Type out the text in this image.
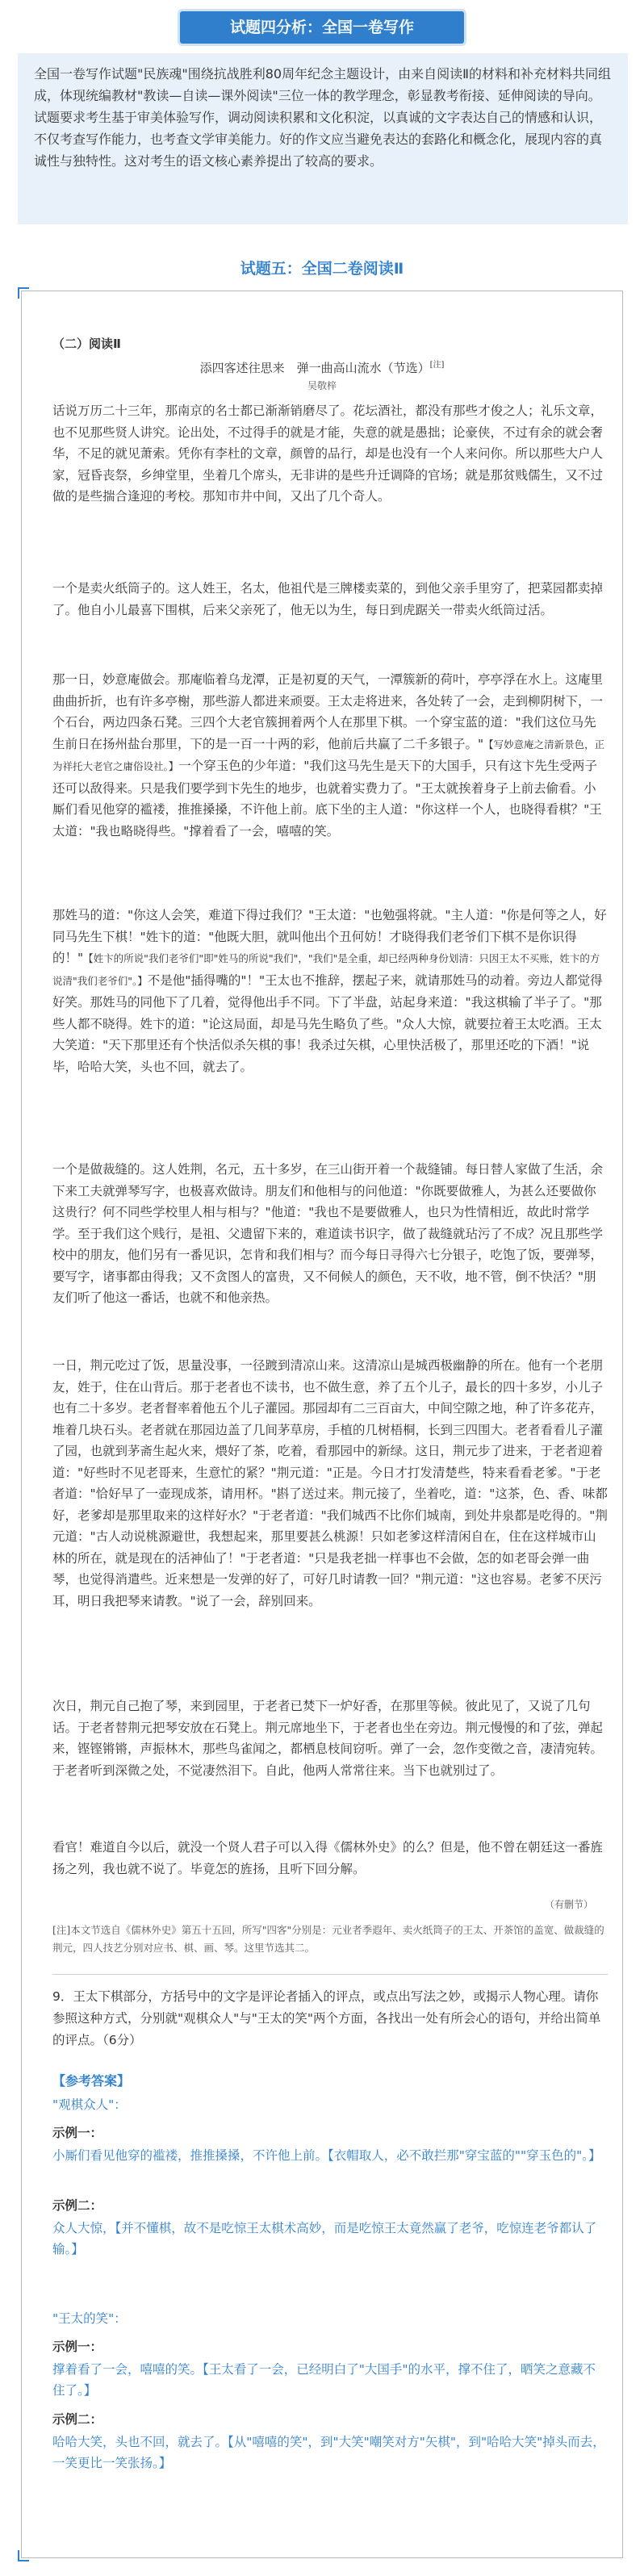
试题四分析：全国一卷写作

全国一卷写作试题"民族魂"围绕抗战胜利80周年纪念主题设计，由来自阅读Ⅱ的材料和补充材料共同组成，体现统编教材"教读—自读—课外阅读"三位一体的教学理念，彰显教考衔接、延伸阅读的导向。试题要求考生基于审美体验写作，调动阅读积累和文化积淀，以真诚的文字表达自己的情感和认识，不仅考查写作能力，也考查文学审美能力。好的作文应当避免表达的套路化和概念化，展现内容的真诚性与独特性。这对考生的语文核心素养提出了较高的要求。

试题五：全国二卷阅读Ⅱ
（二）阅读Ⅱ
添四客述往思来　弹一曲高山流水（节选）[注]
吴敬梓
话说万历二十三年，那南京的名士都已渐渐销磨尽了。花坛酒社，都没有那些才俊之人；礼乐文章，也不见那些贤人讲究。论出处，不过得手的就是才能，失意的就是愚拙；论豪侠，不过有余的就会奢华，不足的就见萧索。凭你有李杜的文章，颜曾的品行，却是也没有一个人来问你。所以那些大户人家，冠昏丧祭，乡绅堂里，坐着几个席头，无非讲的是些升迁调降的官场；就是那贫贱儒生，又不过做的是些揣合逢迎的考校。那知市井中间，又出了几个奇人。
一个是卖火纸筒子的。这人姓王，名太，他祖代是三牌楼卖菜的，到他父亲手里穷了，把菜园都卖掉了。他自小儿最喜下围棋，后来父亲死了，他无以为生，每日到虎踞关一带卖火纸筒过活。
那一日，妙意庵做会。那庵临着乌龙潭，正是初夏的天气，一潭簇新的荷叶，亭亭浮在水上。这庵里曲曲折折，也有许多亭榭，那些游人都进来顽耍。王太走将进来，各处转了一会，走到柳阴树下，一个石台，两边四条石凳。三四个大老官簇拥着两个人在那里下棋。一个穿宝蓝的道："我们这位马先生前日在扬州盐台那里，下的是一百一十两的彩，他前后共赢了二千多银子。"【写妙意庵之清新景色，正为祥托大老官之庸俗设社。】一个穿玉色的少年道："我们这马先生是天下的大国手，只有这卞先生受两子还可以敌得来。只是我们要学到卞先生的地步，也就着实费力了。"王太就挨着身子上前去偷看。小厮们看见他穿的褴褛，推推搡搡，不许他上前。底下坐的主人道："你这样一个人，也晓得看棋？"王太道："我也略晓得些。"撑着看了一会，嘻嘻的笑。
那姓马的道："你这人会笑，难道下得过我们？"王太道："也勉强将就。"主人道："你是何等之人，好同马先生下棋！"姓卞的道："他既大胆，就叫他出个丑何妨！才晓得我们老爷们下棋不是你识得的！"【姓卞的所说"我们老爷们"即"姓马的所说"我们"，"我们"是全重，却已经两种身份划清：只因王太不买账，姓卞的方说清"我们老爷们"。】不是他"插得嘴的"！"王太也不推辞，摆起子来，就请那姓马的动着。旁边人都觉得好笑。那姓马的同他下了几着，觉得他出手不同。下了半盘，站起身来道："我这棋输了半子了。"那些人都不晓得。姓卞的道："论这局面，却是马先生略负了些。"众人大惊，就要拉着王太吃酒。王太大笑道："天下那里还有个快活似杀矢棋的事！我杀过矢棋，心里快活极了，那里还吃的下酒！"说毕，哈哈大笑，头也不回，就去了。
一个是做裁缝的。这人姓荆，名元，五十多岁，在三山街开着一个裁缝铺。每日替人家做了生活，余下来工夫就弹琴写字，也极喜欢做诗。朋友们和他相与的问他道："你既要做雅人，为甚么还要做你这贵行？何不同些学校里人相与相与？"他道："我也不是要做雅人，也只为性情相近，故此时常学学。至于我们这个贱行，是祖、父遗留下来的，难道读书识字，做了裁缝就玷污了不成？况且那些学校中的朋友，他们另有一番见识，怎肯和我们相与？而今每日寻得六七分银子，吃饱了饭，要弹琴，要写字，诸事都由得我；又不贪图人的富贵，又不伺候人的颜色，天不收，地不管，倒不快活？"朋友们听了他这一番话，也就不和他亲热。
一日，荆元吃过了饭，思量没事，一径踱到清凉山来。这清凉山是城西极幽静的所在。他有一个老朋友，姓于，住在山背后。那于老者也不读书，也不做生意，养了五个儿子，最长的四十多岁，小儿子也有二十多岁。老者督率着他五个儿子灌园。那园却有二三百亩大，中间空隙之地，种了许多花卉，堆着几块石头。老者就在那园边盖了几间茅草房，手植的几树梧桐，长到三四围大。老者看看儿子灌了园，也就到茅斋生起火来，煨好了茶，吃着，看那园中的新绿。这日，荆元步了进来，于老者迎着道："好些时不见老哥来，生意忙的紧？"荆元道："正是。今日才打发清楚些，特来看看老爹。"于老者道："恰好早了一壶现成茶，请用杯。"斟了送过来。荆元接了，坐着吃，道："这茶，色、香、味都好，老爹却是那里取来的这样好水？"于老者道："我们城西不比你们城南，到处井泉都是吃得的。"荆元道："古人动说桃源避世，我想起来，那里要甚么桃源！只如老爹这样清闲自在，住在这样城市山林的所在，就是现在的活神仙了！"于老者道："只是我老拙一样事也不会做，怎的如老哥会弹一曲琴，也觉得消遣些。近来想是一发弹的好了，可好几时请教一回？"荆元道："这也容易。老爹不厌污耳，明日我把琴来请教。"说了一会，辞别回来。
次日，荆元自己抱了琴，来到园里，于老者已焚下一炉好香，在那里等候。彼此见了，又说了几句话。于老者替荆元把琴安放在石凳上。荆元席地坐下，于老者也坐在旁边。荆元慢慢的和了弦，弹起来，铿铿锵锵，声振林木，那些鸟雀闻之，都栖息枝间窃听。弹了一会，忽作变徵之音，凄清宛转。于老者听到深微之处，不觉凄然泪下。自此，他两人常常往来。当下也就别过了。
看官！难道自今以后，就没一个贤人君子可以入得《儒林外史》的么？但是，他不曾在朝廷这一番旌扬之列，我也就不说了。毕竟怎的旌扬，且听下回分解。
（有删节）
[注]本文节选自《儒林外史》第五十五回，所写"四客"分别是：元业者季遐年、卖火纸筒子的王太、开茶馆的盖宽、做裁缝的荆元，四人技艺分别对应书、棋、画、琴。这里节选其二。
9．王太下棋部分，方括号中的文字是评论者插入的评点，或点出写法之妙，或揭示人物心理。请你参照这种方式，分别就"观棋众人"与"王太的笑"两个方面，各找出一处有所会心的语句，并给出简单的评点。（6分）
【参考答案】
"观棋众人"：
示例一：
小厮们看见他穿的褴褛，推推搡搡，不许他上前。【衣帽取人，必不敢拦那"穿宝蓝的""穿玉色的"。】
示例二：
众人大惊，【并不懂棋，故不是吃惊王太棋术高妙，而是吃惊王太竟然赢了老爷，吃惊连老爷都认了输。】
"王太的笑"：
示例一：
撑着看了一会，嘻嘻的笑。【王太看了一会，已经明白了"大国手"的水平，撑不住了，晒笑之意藏不住了。】
示例二：
哈哈大笑，头也不回，就去了。【从"嘻嘻的笑"，到"大笑"嘲笑对方"矢棋"，到"哈哈大笑"掉头而去，一笑更比一笑张扬。】
